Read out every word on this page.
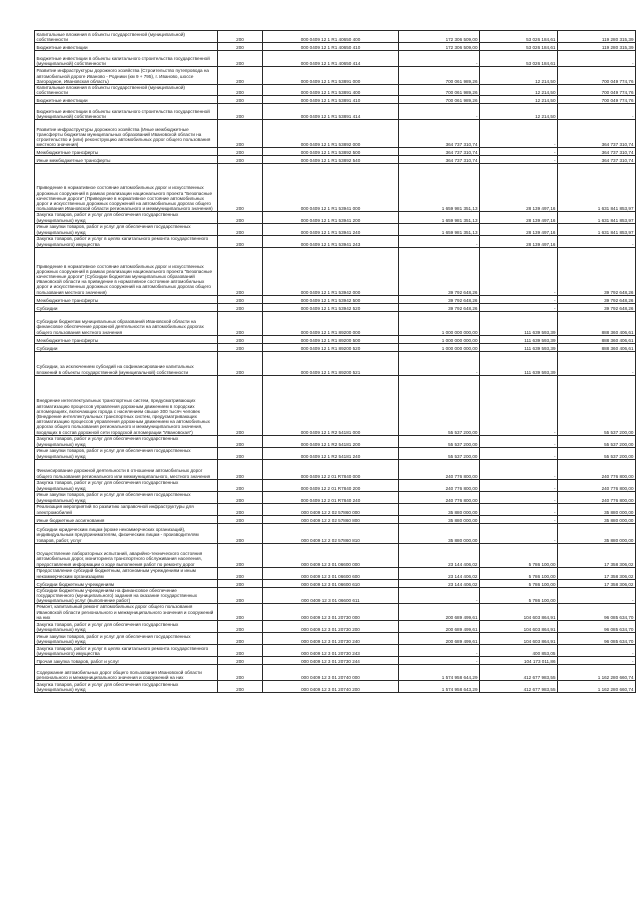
Капитальные вложения в объекты государственной (муниципальной) собственности	200	000 0409 12 1 R1 40650 400	172 306 509,00	53 026 184,61	119 280 315,39
Бюджетные инвестиции	200	000 0409 12 1 R1 40650 410	172 306 509,00	53 026 184,61	119 280 315,39
Бюджетные инвестиции в объекты капитального строительства государственной (муниципальной) собственности	200	000 0409 12 1 R1 40650 414	-	53 026 184,61	-
Развитие инфраструктуры дорожного хозяйства (Строительство путепровода на автомобильной дороге Иваново - Родники (км 9 + 795), г. Иваново, шоссе Загородное, Ивановская область)	200	000 0409 12 1 R1 53891 000	700 061 989,26	12 214,50	700 049 774,76
Капитальные вложения в объекты государственной (муниципальной) собственности	200	000 0409 12 1 R1 53891 400	700 061 989,26	12 214,50	700 049 774,76
Бюджетные инвестиции	200	000 0409 12 1 R1 53891 410	700 061 989,26	12 214,50	700 049 774,76
Бюджетные инвестиции в объекты капитального строительства государственной (муниципальной) собственности	200	000 0409 12 1 R1 53891 414	-	12 214,50	-
Развитие инфраструктуры дорожного хозяйства (Иные межбюджетные трансферты бюджетам муниципальных образований Ивановской области на строительство и (или) реконструкцию автомобильных дорог общего пользования местного значения)	200	000 0409 12 1 R1 53892 000	364 737 310,74	-	364 737 310,74
Межбюджетные трансферты	200	000 0409 12 1 R1 53892 500	364 737 310,74	-	364 737 310,74
Иные межбюджетные трансферты	200	000 0409 12 1 R1 53892 540	364 737 310,74	-	364 737 310,74
Приведение в нормативное состояние автомобильных дорог и искусственных дорожных сооружений в рамках реализации национального проекта "Безопасные качественные дороги" (Приведение в нормативное состояние автомобильных дорог и искусственных дорожных сооружений на автомобильных дорогах общего пользования Ивановской области регионального и межмуниципального значения)	200	000 0409 12 1 R1 53941 000	1 659 981 351,13	28 139 497,16	1 631 841 853,97
Закупка товаров, работ и услуг для обеспечения государственных (муниципальных) нужд	200	000 0409 12 1 R1 53941 200	1 659 981 351,13	28 139 497,16	1 631 841 853,97
Иные закупки товаров, работ и услуг для обеспечения государственных (муниципальных) нужд	200	000 0409 12 1 R1 53941 240	1 659 981 351,13	28 139 497,16	1 631 841 853,97
Закупка товаров, работ и услуг в целях капитального ремонта государственного (муниципального) имущества	200	000 0409 12 1 R1 53941 243	-	28 139 497,16	-
Приведение в нормативное состояние автомобильных дорог и искусственных дорожных сооружений в рамках реализации национального проекта "Безопасные качественные дороги" (Субсидии бюджетам муниципальных образований Ивановской области на приведение в нормативное состояние автомобильных дорог и искусственных дорожных сооружений на автомобильных дорогах общего пользования местного значения)	200	000 0409 12 1 R1 53942 000	39 792 648,26	-	39 792 648,26
Межбюджетные трансферты	200	000 0409 12 1 R1 53942 500	39 792 648,26	-	39 792 648,26
Субсидии	200	000 0409 12 1 R1 53942 520	39 792 648,26	-	39 792 648,26
Субсидии бюджетам муниципальных образований Ивановской области на финансовое обеспечение дорожной деятельности на автомобильных дорогах общего пользования местного значения	200	000 0409 12 1 R1 89200 000	1 000 000 000,00	111 639 593,39	888 360 406,61
Межбюджетные трансферты	200	000 0409 12 1 R1 89200 500	1 000 000 000,00	111 639 593,39	888 360 406,61
Субсидии	200	000 0409 12 1 R1 89200 520	1 000 000 000,00	111 639 593,39	888 360 406,61
Субсидии, за исключением субсидий на софинансирование капитальных вложений в объекты государственной (муниципальной) собственности	200	000 0409 12 1 R1 89200 521	-	111 639 593,39	-
Внедрение интеллектуальных транспортных систем, предусматривающих автоматизацию процессов управления дорожным движением в городских агломерациях, включающих города с населением свыше 300 тысяч человек (Внедрение интеллектуальных транспортных систем, предусматривающих автоматизацию процессов управления дорожным движением на автомобильных дорогах общего пользования регионального и межмуниципального значения, входящих в состав дорожной сети городской агломерации "Ивановская")	200	000 0409 12 1 R2 54181 000	55 537 200,00	-	55 537 200,00
Закупка товаров, работ и услуг для обеспечения государственных (муниципальных) нужд	200	000 0409 12 1 R2 54181 200	55 537 200,00	-	55 537 200,00
Иные закупки товаров, работ и услуг для обеспечения государственных (муниципальных) нужд	200	000 0409 12 1 R2 54181 240	55 537 200,00	-	55 537 200,00
Финансирование дорожной деятельности в отношении автомобильных дорог общего пользования регионального или межмуниципального, местного значения	200	000 0409 12 2 01 R7840 000	240 776 800,00	-	240 776 800,00
Закупка товаров, работ и услуг для обеспечения государственных (муниципальных) нужд	200	000 0409 12 2 01 R7840 200	240 776 800,00	-	240 776 800,00
Иные закупки товаров, работ и услуг для обеспечения государственных (муниципальных) нужд	200	000 0409 12 2 01 R7840 240	240 776 800,00	-	240 776 800,00
Реализация мероприятий по развитию заправочной инфраструктуры для электромобилей	200	000 0409 12 2 02 57860 000	35 880 000,00	-	35 880 000,00
Иные бюджетные ассигнования	200	000 0409 12 2 02 57860 800	35 880 000,00	-	35 880 000,00
Субсидии юридическим лицам (кроме некоммерческих организаций), индивидуальным предпринимателям, физическим лицам - производителям товаров, работ, услуг	200	000 0409 12 2 02 57860 810	35 880 000,00	-	35 880 000,00
Осуществление лабораторных испытаний, аварийно-технического состояния автомобильных дорог, мониторинга транспортного обслуживания населения, предоставления информации о ходе выполнения работ по ремонту дорог	200	000 0409 12 3 01 06600 000	23 144 406,02	5 786 100,00	17 358 306,02
Предоставление субсидий бюджетным, автономным учреждениям и иным некоммерческим организациям	200	000 0409 12 3 01 06600 600	23 144 406,02	5 786 100,00	17 358 306,02
Субсидии бюджетным учреждениям	200	000 0409 12 3 01 06600 610	23 144 406,02	5 786 100,00	17 358 306,02
Субсидии бюджетным учреждениям на финансовое обеспечение государственного (муниципального) задания на оказание государственных (муниципальных) услуг (выполнение работ)	200	000 0409 12 3 01 06600 611	-	5 786 100,00	-
Ремонт, капитальный ремонт автомобильных дорог общего пользования Ивановской области регионального и межмуниципального значения и сооружений на них	200	000 0409 12 3 01 20730 000	200 689 499,61	104 603 864,91	96 085 634,70
Закупка товаров, работ и услуг для обеспечения государственных (муниципальных) нужд	200	000 0409 12 3 01 20730 200	200 689 499,61	104 603 864,91	96 085 634,70
Иные закупки товаров, работ и услуг для обеспечения государственных (муниципальных) нужд	200	000 0409 12 3 01 20730 240	200 689 499,61	104 603 864,91	96 085 634,70
Закупка товаров, работ и услуг в целях капитального ремонта государственного (муниципального) имущества	200	000 0409 12 3 01 20730 243	-	400 853,05	-
Прочая закупка товаров, работ и услуг	200	000 0409 12 3 01 20730 244	-	104 173 011,86	-
Содержание автомобильных дорог общего пользования Ивановской области регионального и межмуниципального значения и сооружений на них	200	000 0409 12 3 01 20740 000	1 574 958 644,29	412 677 983,55	1 162 280 660,74
Закупка товаров, работ и услуг для обеспечения государственных (муниципальных) нужд	200	000 0409 12 3 01 20740 200	1 574 958 643,29	412 677 983,55	1 162 280 660,74
